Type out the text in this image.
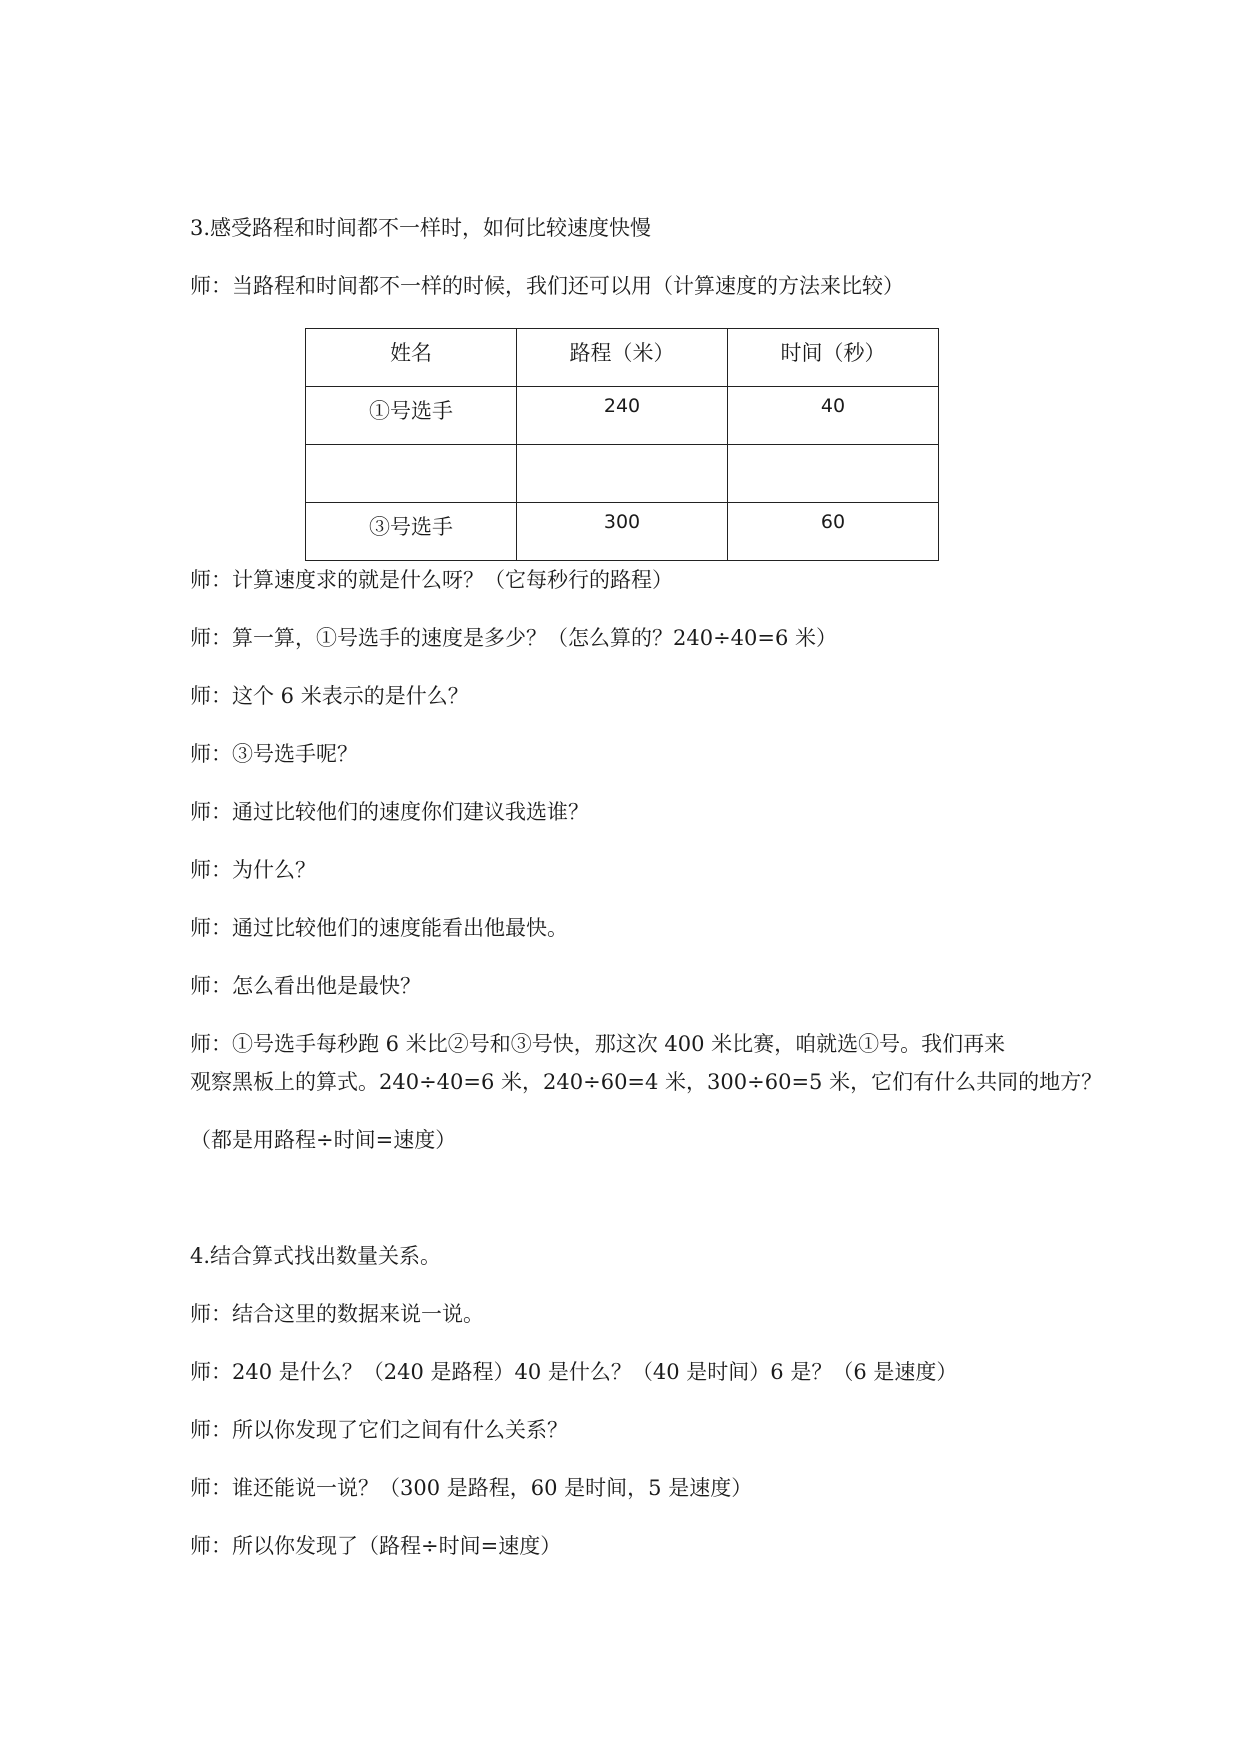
3.感受路程和时间都不一样时，如何比较速度快慢
师：当路程和时间都不一样的时候，我们还可以用（计算速度的方法来比较）
姓名	路程（米）	时间（秒）
①号选手	240	40

③号选手	300	60
师：计算速度求的就是什么呀？（它每秒行的路程）
师：算一算，①号选手的速度是多少？（怎么算的？240÷40=6 米）
师：这个 6 米表示的是什么？
师：③号选手呢？
师：通过比较他们的速度你们建议我选谁？
师：为什么？
师：通过比较他们的速度能看出他最快。
师：怎么看出他是最快？
师：①号选手每秒跑 6 米比②号和③号快，那这次 400 米比赛，咱就选①号。我们再来
观察黑板上的算式。240÷40=6 米，240÷60=4 米，300÷60=5 米，它们有什么共同的地方？
（都是用路程÷时间=速度）
4.结合算式找出数量关系。
师：结合这里的数据来说一说。
师：240 是什么？（240 是路程）40 是什么？（40 是时间）6 是？（6 是速度）
师：所以你发现了它们之间有什么关系？
师：谁还能说一说？（300 是路程，60 是时间，5 是速度）
师：所以你发现了（路程÷时间=速度）
